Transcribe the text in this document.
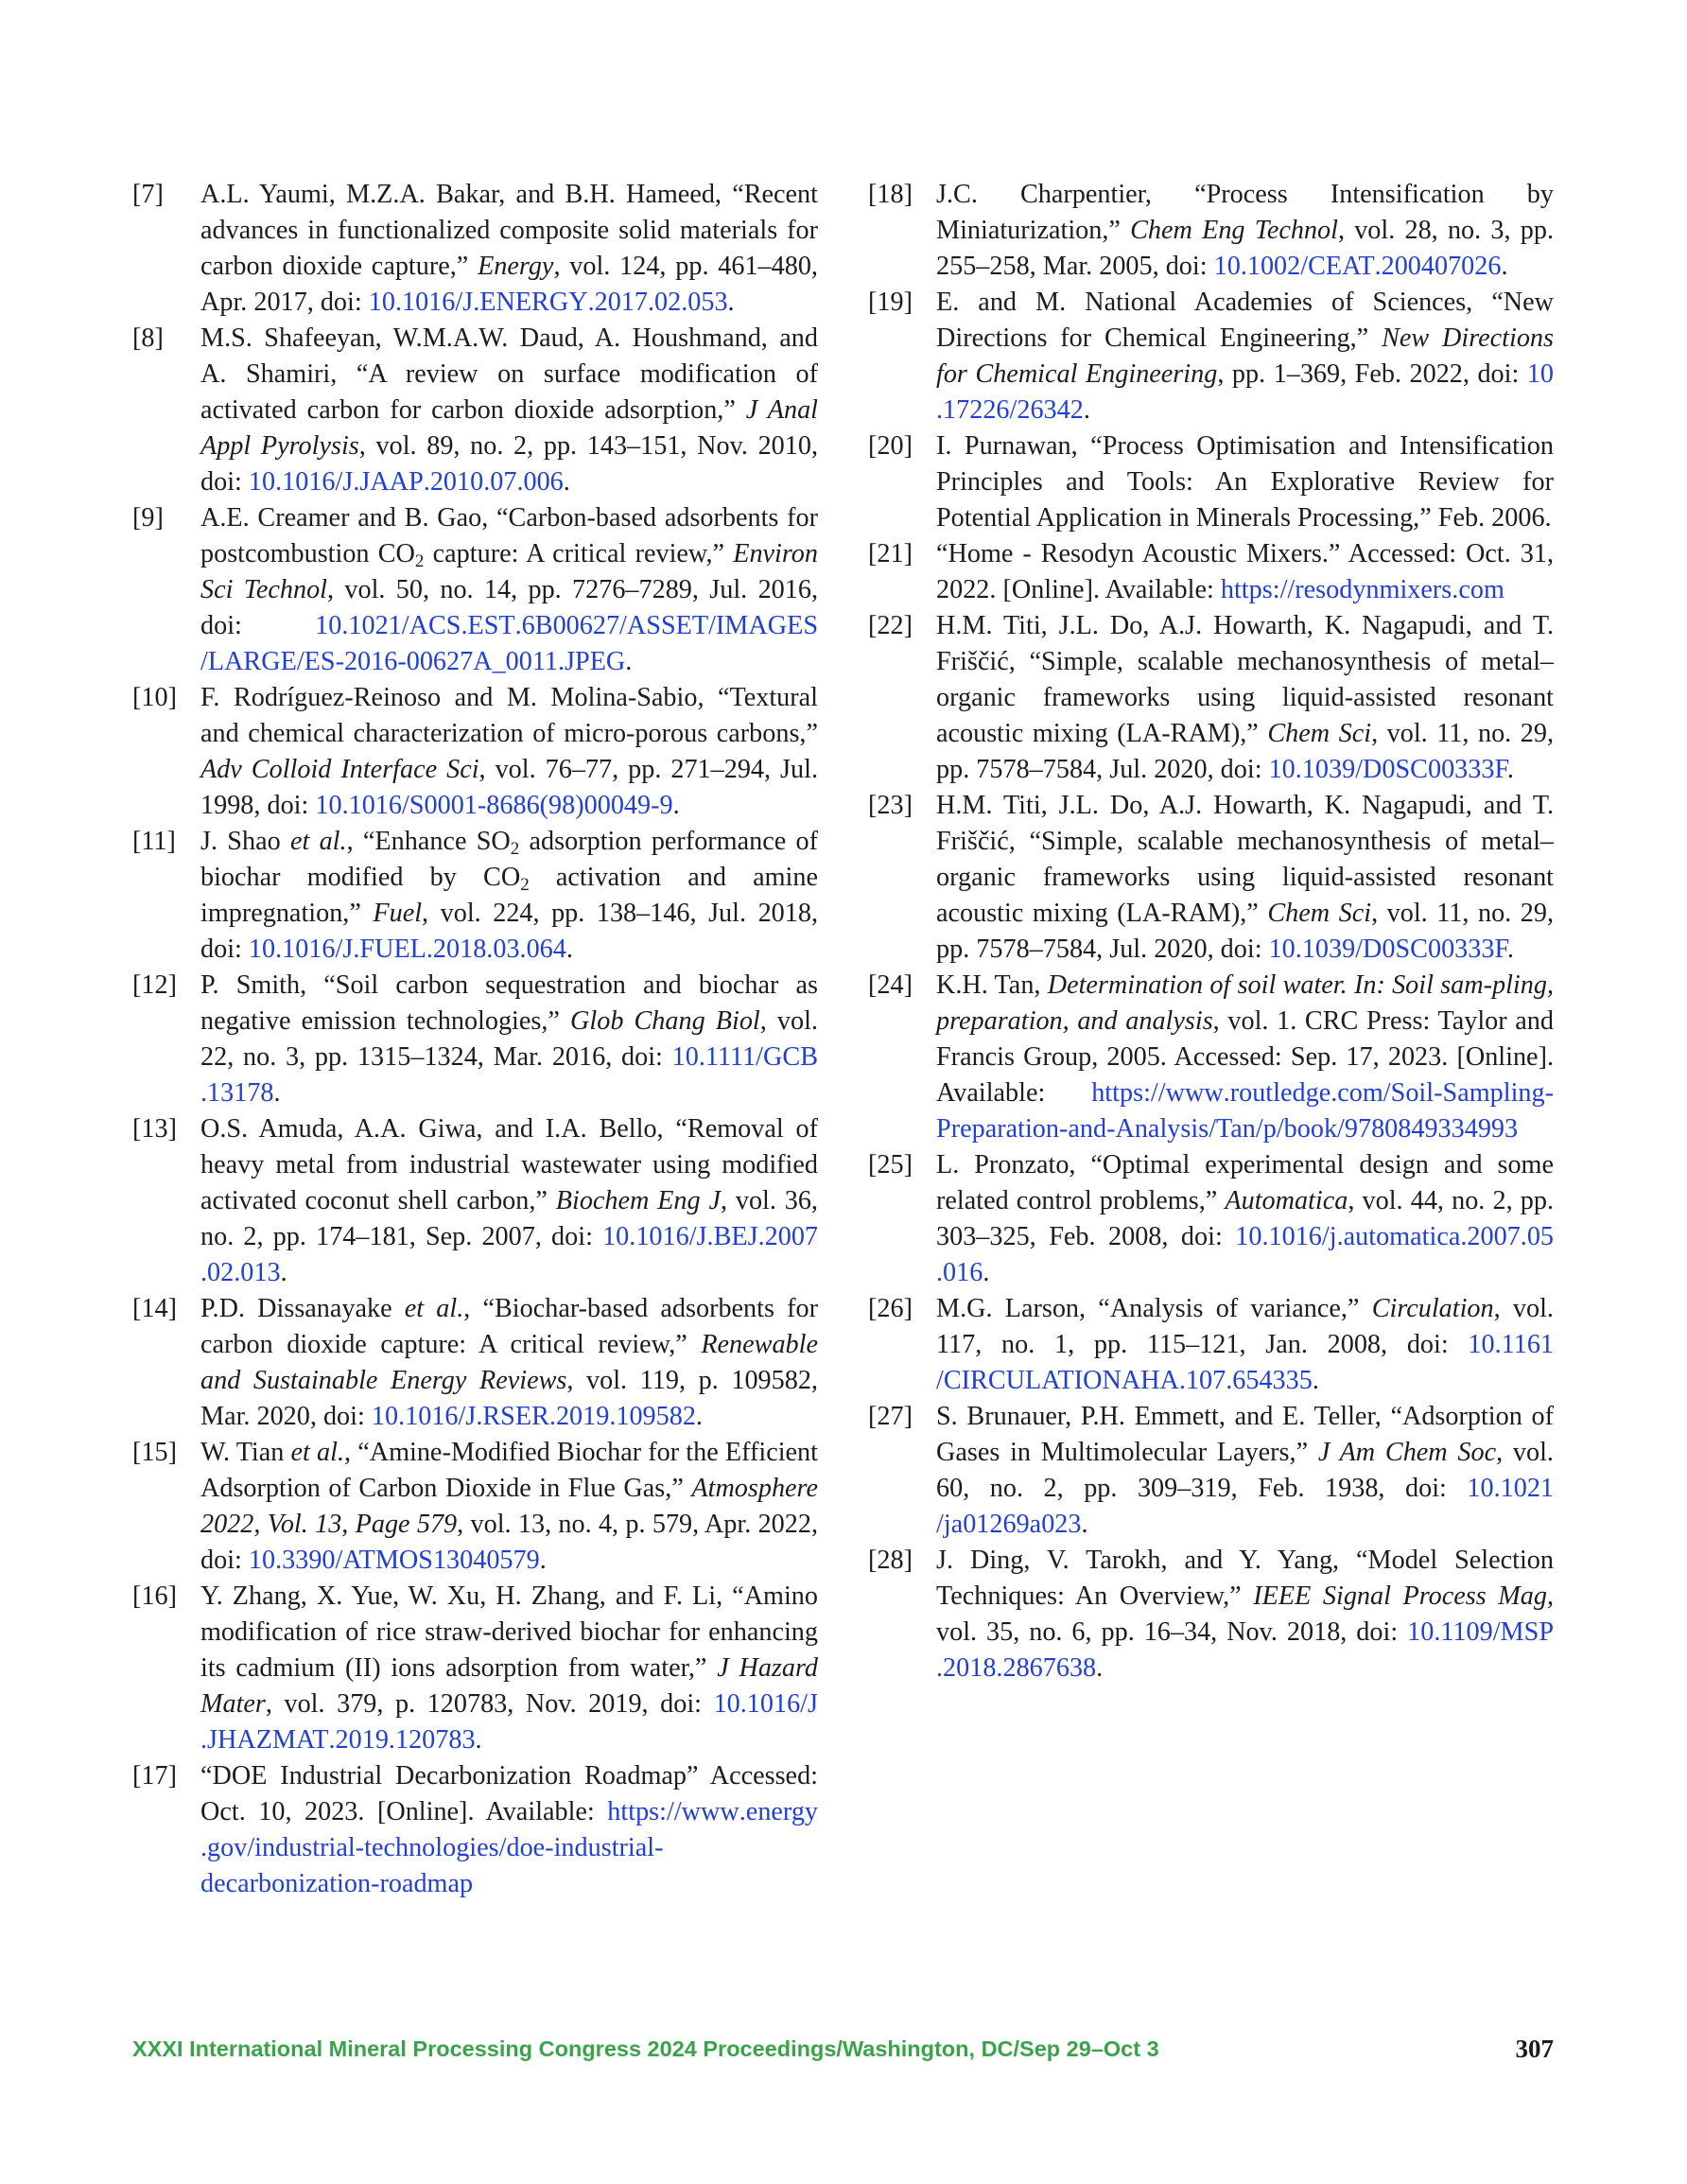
[7]	A.L. Yaumi, M.Z.A. Bakar, and B.H. Hameed, “Recent advances in functionalized composite solid materials for carbon dioxide capture,” Energy, vol. 124, pp. 461–480, Apr. 2017, doi: 10.1016/J.ENERGY.2017.02.053.
[8]	M.S. Shafeeyan, W.M.A.W. Daud, A. Houshmand, and A. Shamiri, “A review on surface modification of activated carbon for carbon dioxide adsorption,” J Anal Appl Pyrolysis, vol. 89, no. 2, pp. 143–151, Nov. 2010, doi: 10.1016/J.JAAP.2010.07.006.
[9]	A.E. Creamer and B. Gao, “Carbon-based adsorbents for postcombustion $CO_2$ capture: A critical review,” Environ Sci Technol, vol. 50, no. 14, pp. 7276–7289, Jul. 2016, doi: 10.1021/ACS.EST.6B00627/ASSET/IMAGES/LARGE/ES-2016-00627A_0011.JPEG.
[10] F. Rodríguez-Reinoso and M. Molina-Sabio, “Textural and chemical characterization of micro-porous carbons,” Adv Colloid Interface Sci, vol. 76–77, pp. 271–294, Jul. 1998, doi: 10.1016/S0001-8686(98)00049-9.
[11] J. Shao et al., “Enhance $SO_2$ adsorption performance of biochar modified by $CO_2$ activation and amine impregnation,” Fuel, vol. 224, pp. 138–146, Jul. 2018, doi: 10.1016/J.FUEL.2018.03.064.
[12] P. Smith, “Soil carbon sequestration and biochar as negative emission technologies,” Glob Chang Biol, vol. 22, no. 3, pp. 1315–1324, Mar. 2016, doi: 10.1111/GCB.13178.
[13] O.S. Amuda, A.A. Giwa, and I.A. Bello, “Removal of heavy metal from industrial wastewater using modified activated coconut shell carbon,” Biochem Eng J, vol. 36, no. 2, pp. 174–181, Sep. 2007, doi: 10.1016/J.BEJ.2007.02.013.
[14] P.D. Dissanayake et al., “Biochar-based adsorbents for carbon dioxide capture: A critical review,” Renewable and Sustainable Energy Reviews, vol. 119, p. 109582, Mar. 2020, doi: 10.1016/J.RSER.2019.109582.
[15] W. Tian et al., “Amine-Modified Biochar for the Efficient Adsorption of Carbon Dioxide in Flue Gas,” Atmosphere 2022, Vol. 13, Page 579, vol. 13, no. 4, p. 579, Apr. 2022, doi: 10.3390/ATMOS13040579.
[16] Y. Zhang, X. Yue, W. Xu, H. Zhang, and F. Li, “Amino modification of rice straw-derived biochar for enhancing its cadmium (II) ions adsorption from water,” J Hazard Mater, vol. 379, p. 120783, Nov. 2019, doi: 10.1016/J.JHAZMAT.2019.120783.
[17] “DOE Industrial Decarbonization Roadmap” Accessed: Oct. 10, 2023. [Online]. Available: https://www.energy.gov/industrial-technologies/doe-industrial-decarbonization-roadmap
[18] J.C. Charpentier, “Process Intensification by Miniaturization,” Chem Eng Technol, vol. 28, no. 3, pp. 255–258, Mar. 2005, doi: 10.1002/CEAT.200407026.
[19] E. and M. National Academies of Sciences, “New Directions for Chemical Engineering,” New Directions for Chemical Engineering, pp. 1–369, Feb. 2022, doi: 10.17226/26342.
[20] I. Purnawan, “Process Optimisation and Intensification Principles and Tools: An Explorative Review for Potential Application in Minerals Processing,” Feb. 2006.
[21] “Home - Resodyn Acoustic Mixers.” Accessed: Oct. 31, 2022. [Online]. Available: https://resodynmixers.com
[22] H.M. Titi, J.L. Do, A.J. Howarth, K. Nagapudi, and T. Friščić, “Simple, scalable mechanosynthesis of metal–organic frameworks using liquid-assisted resonant acoustic mixing (LA-RAM),” Chem Sci, vol. 11, no. 29, pp. 7578–7584, Jul. 2020, doi: 10.1039/D0SC00333F.
[23] H.M. Titi, J.L. Do, A.J. Howarth, K. Nagapudi, and T. Friščić, “Simple, scalable mechanosynthesis of metal–organic frameworks using liquid-assisted resonant acoustic mixing (LA-RAM),” Chem Sci, vol. 11, no. 29, pp. 7578–7584, Jul. 2020, doi: 10.1039/D0SC00333F.
[24] K.H. Tan, Determination of soil water. In: Soil sam-pling, preparation, and analysis, vol. 1. CRC Press: Taylor and Francis Group, 2005. Accessed: Sep. 17, 2023. [Online]. Available: https://www.routledge.com/Soil-Sampling-Preparation-and-Analysis/Tan/p/book/9780849334993
[25] L. Pronzato, “Optimal experimental design and some related control problems,” Automatica, vol. 44, no. 2, pp. 303–325, Feb. 2008, doi: 10.1016/j.automatica.2007.05.016.
[26] M.G. Larson, “Analysis of variance,” Circulation, vol. 117, no. 1, pp. 115–121, Jan. 2008, doi: 10.1161/CIRCULATIONAHA.107.654335.
[27] S. Brunauer, P.H. Emmett, and E. Teller, “Adsorption of Gases in Multimolecular Layers,” J Am Chem Soc, vol. 60, no. 2, pp. 309–319, Feb. 1938, doi: 10.1021/ja01269a023.
[28] J. Ding, V. Tarokh, and Y. Yang, “Model Selection Techniques: An Overview,” IEEE Signal Process Mag, vol. 35, no. 6, pp. 16–34, Nov. 2018, doi: 10.1109/MSP.2018.2867638.
XXXI International Mineral Processing Congress 2024 Proceedings/Washington, DC/Sep 29–Oct 3	307
